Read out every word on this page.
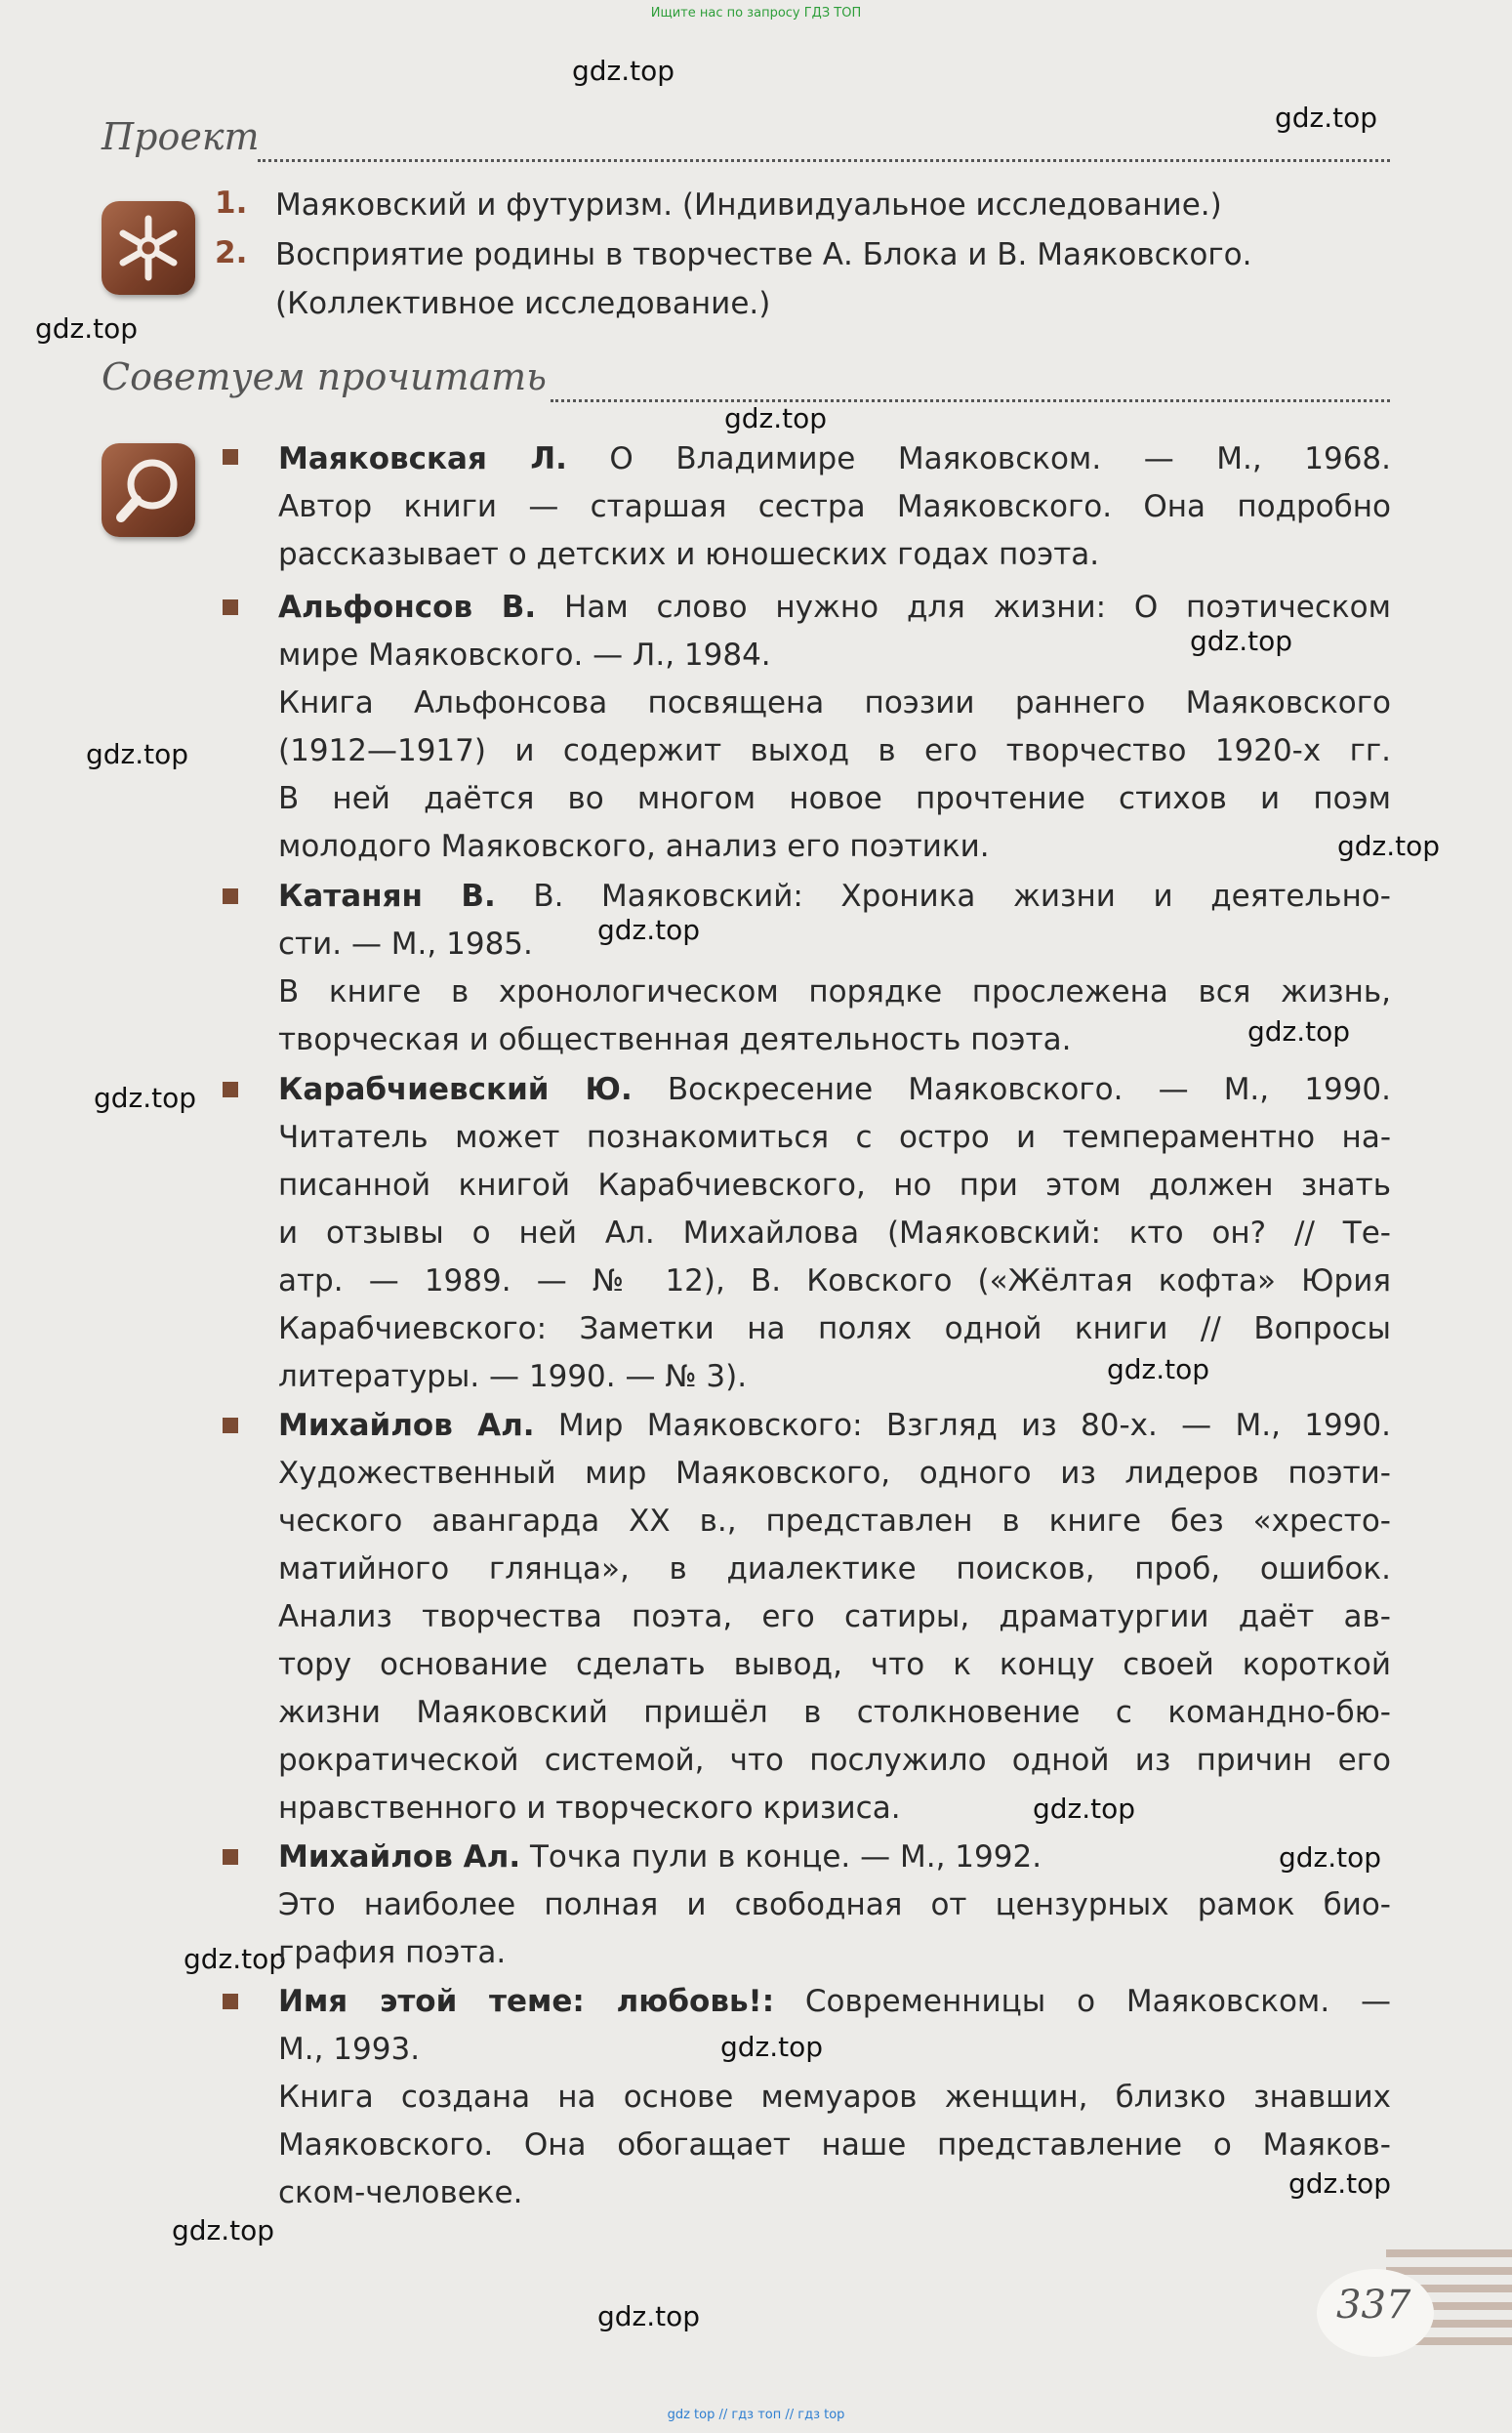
Ищите нас по запросу ГДЗ ТОП
gdz.top
gdz.top
gdz.top
gdz.top
gdz.top
gdz.top
gdz.top
gdz.top
gdz.top
gdz.top
gdz.top
gdz.top
gdz.top
gdz.top
gdz.top
gdz.top
gdz.top
gdz.top
Проект
1. Маяковский и футуризм. (Индивидуальное исследование.)
2. Восприятие родины в творчестве А. Блока и В. Маяковского.
(Коллективное исследование.)
Советуем прочитать
Маяковская Л. О Владимире Маяковском. — М., 1968.
Автор книги — старшая сестра Маяковского. Она подробно
рассказывает о детских и юношеских годах поэта.
Альфонсов В. Нам слово нужно для жизни: О поэтическом
мире Маяковского. — Л., 1984.
Книга Альфонсова посвящена поэзии раннего Маяковского
(1912—1917) и содержит выход в его творчество 1920-х гг.
В ней даётся во многом новое прочтение стихов и поэм
молодого Маяковского, анализ его поэтики.
Катанян В. В. Маяковский: Хроника жизни и деятельно-
сти. — М., 1985.
В книге в хронологическом порядке прослежена вся жизнь,
творческая и общественная деятельность поэта.
Карабчиевский Ю. Воскресение Маяковского. — М., 1990.
Читатель может познакомиться с остро и темпераментно на-
писанной книгой Карабчиевского, но при этом должен знать
и отзывы о ней Ал. Михайлова (Маяковский: кто он? // Те-
атр. — 1989. — № 12), В. Ковского («Жёлтая кофта» Юрия
Карабчиевского: Заметки на полях одной книги // Вопросы
литературы. — 1990. — № 3).
Михайлов Ал. Мир Маяковского: Взгляд из 80-х. — М., 1990.
Художественный мир Маяковского, одного из лидеров поэти-
ческого авангарда XX в., представлен в книге без «хресто-
матийного глянца», в диалектике поисков, проб, ошибок.
Анализ творчества поэта, его сатиры, драматургии даёт ав-
тору основание сделать вывод, что к концу своей короткой
жизни Маяковский пришёл в столкновение с командно-бю-
рократической системой, что послужило одной из причин его
нравственного и творческого кризиса.
Михайлов Ал. Точка пули в конце. — М., 1992.
Это наиболее полная и свободная от цензурных рамок био-
графия поэта.
Имя этой теме: любовь!: Современницы о Маяковском. —
М., 1993.
Книга создана на основе мемуаров женщин, близко знавших
Маяковского. Она обогащает наше представление о Маяков-
ском-человеке.
337
gdz top // гдз топ // гдз top
